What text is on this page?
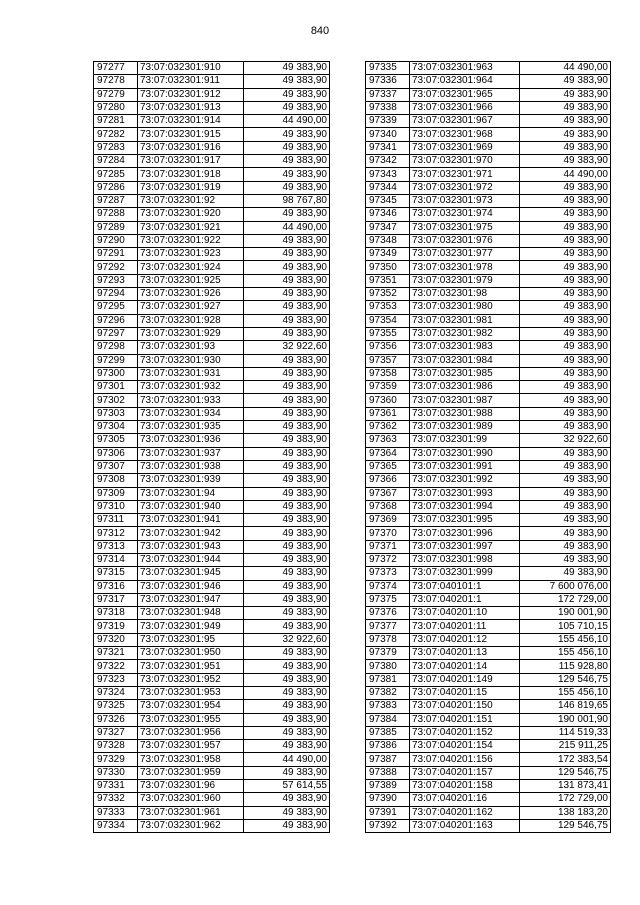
840
97277	73:07:032301:910	49 383,90
97278	73:07:032301:911	49 383,90
97279	73:07:032301:912	49 383,90
97280	73:07:032301:913	49 383,90
97281	73:07:032301:914	44 490,00
97282	73:07:032301:915	49 383,90
97283	73:07:032301:916	49 383,90
97284	73:07:032301:917	49 383,90
97285	73:07:032301:918	49 383,90
97286	73:07:032301:919	49 383,90
97287	73:07:032301:92	98 767,80
97288	73:07:032301:920	49 383,90
97289	73:07:032301:921	44 490,00
97290	73:07:032301:922	49 383,90
97291	73:07:032301:923	49 383,90
97292	73:07:032301:924	49 383,90
97293	73:07:032301:925	49 383,90
97294	73:07:032301:926	49 383,90
97295	73:07:032301:927	49 383,90
97296	73:07:032301:928	49 383,90
97297	73:07:032301:929	49 383,90
97298	73:07:032301:93	32 922,60
97299	73:07:032301:930	49 383,90
97300	73:07:032301:931	49 383,90
97301	73:07:032301:932	49 383,90
97302	73:07:032301:933	49 383,90
97303	73:07:032301:934	49 383,90
97304	73:07:032301:935	49 383,90
97305	73:07:032301:936	49 383,90
97306	73:07:032301:937	49 383,90
97307	73:07:032301:938	49 383,90
97308	73:07:032301:939	49 383,90
97309	73:07:032301:94	49 383,90
97310	73:07:032301:940	49 383,90
97311	73:07:032301:941	49 383,90
97312	73:07:032301:942	49 383,90
97313	73:07:032301:943	49 383,90
97314	73:07:032301:944	49 383,90
97315	73:07:032301:945	49 383,90
97316	73:07:032301:946	49 383,90
97317	73:07:032301:947	49 383,90
97318	73:07:032301:948	49 383,90
97319	73:07:032301:949	49 383,90
97320	73:07:032301:95	32 922,60
97321	73:07:032301:950	49 383,90
97322	73:07:032301:951	49 383,90
97323	73:07:032301:952	49 383,90
97324	73:07:032301:953	49 383,90
97325	73:07:032301:954	49 383,90
97326	73:07:032301:955	49 383,90
97327	73:07:032301:956	49 383,90
97328	73:07:032301:957	49 383,90
97329	73:07:032301:958	44 490,00
97330	73:07:032301:959	49 383,90
97331	73:07:032301:96	57 614,55
97332	73:07:032301:960	49 383,90
97333	73:07:032301:961	49 383,90
97334	73:07:032301:962	49 383,90
97335	73:07:032301:963	44 490,00
97336	73:07:032301:964	49 383,90
97337	73:07:032301:965	49 383,90
97338	73:07:032301:966	49 383,90
97339	73:07:032301:967	49 383,90
97340	73:07:032301:968	49 383,90
97341	73:07:032301:969	49 383,90
97342	73:07:032301:970	49 383,90
97343	73:07:032301:971	44 490,00
97344	73:07:032301:972	49 383,90
97345	73:07:032301:973	49 383,90
97346	73:07:032301:974	49 383,90
97347	73:07:032301:975	49 383,90
97348	73:07:032301:976	49 383,90
97349	73:07:032301:977	49 383,90
97350	73:07:032301:978	49 383,90
97351	73:07:032301:979	49 383,90
97352	73:07:032301:98	49 383,90
97353	73:07:032301:980	49 383,90
97354	73:07:032301:981	49 383,90
97355	73:07:032301:982	49 383,90
97356	73:07:032301:983	49 383,90
97357	73:07:032301:984	49 383,90
97358	73:07:032301:985	49 383,90
97359	73:07:032301:986	49 383,90
97360	73:07:032301:987	49 383,90
97361	73:07:032301:988	49 383,90
97362	73:07:032301:989	49 383,90
97363	73:07:032301:99	32 922,60
97364	73:07:032301:990	49 383,90
97365	73:07:032301:991	49 383,90
97366	73:07:032301:992	49 383,90
97367	73:07:032301:993	49 383,90
97368	73:07:032301:994	49 383,90
97369	73:07:032301:995	49 383,90
97370	73:07:032301:996	49 383,90
97371	73:07:032301:997	49 383,90
97372	73:07:032301:998	49 383,90
97373	73:07:032301:999	49 383,90
97374	73:07:040101:1	7 600 076,00
97375	73:07:040201:1	172 729,00
97376	73:07:040201:10	190 001,90
97377	73:07:040201:11	105 710,15
97378	73:07:040201:12	155 456,10
97379	73:07:040201:13	155 456,10
97380	73:07:040201:14	115 928,80
97381	73:07:040201:149	129 546,75
97382	73:07:040201:15	155 456,10
97383	73:07:040201:150	146 819,65
97384	73:07:040201:151	190 001,90
97385	73:07:040201:152	114 519,33
97386	73:07:040201:154	215 911,25
97387	73:07:040201:156	172 383,54
97388	73:07:040201:157	129 546,75
97389	73:07:040201:158	131 873,41
97390	73:07:040201:16	172 729,00
97391	73:07:040201:162	138 183,20
97392	73:07:040201:163	129 546,75
